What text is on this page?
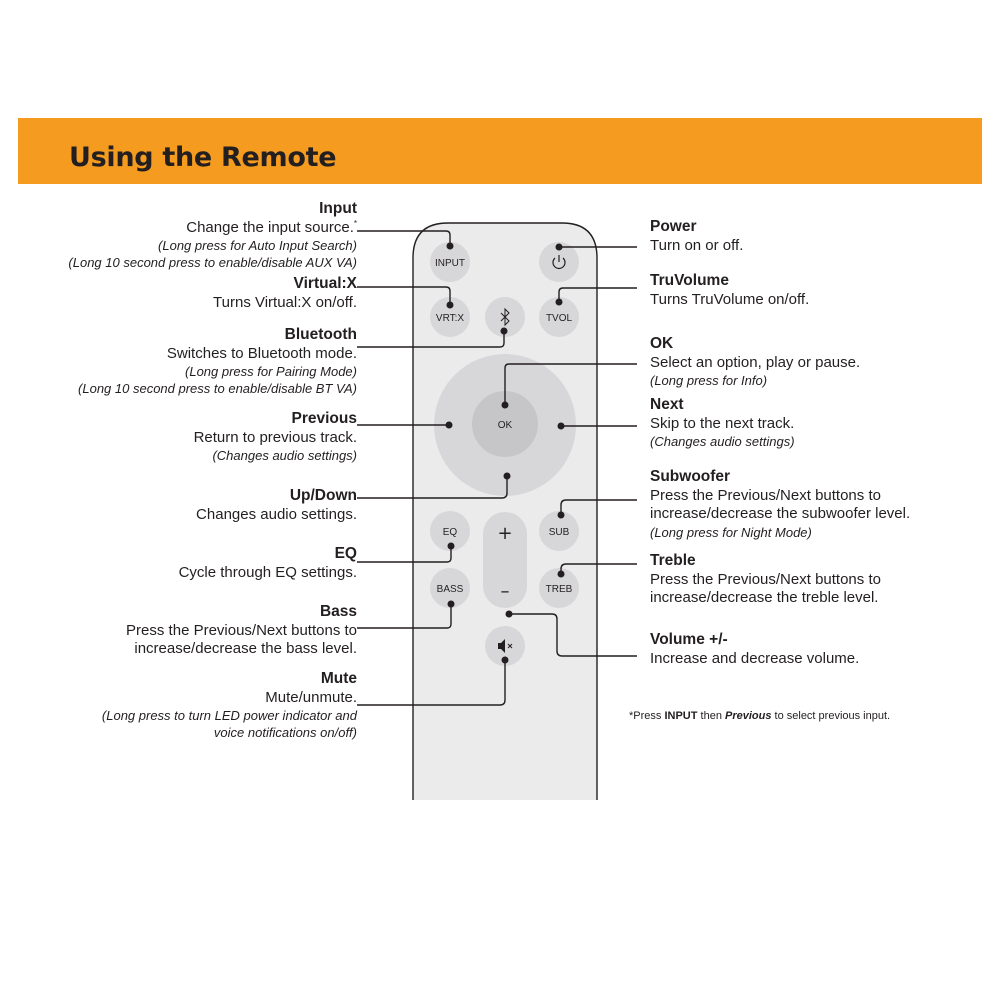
Using the Remote
INPUT
VRT:X	TVOL
OK
EQ	SUB
BASS	TREB
+
–
Input
Change the input source.*
(Long press for Auto Input Search)
(Long 10 second press to enable/disable AUX VA)
Virtual:X
Turns Virtual:X on/off.
Bluetooth
Switches to Bluetooth mode.
(Long press for Pairing Mode)
(Long 10 second press to enable/disable BT VA)
Previous
Return to previous track.
(Changes audio settings)
Up/Down
Changes audio settings.
EQ
Cycle through EQ settings.
Bass
Press the Previous/Next buttons to
increase/decrease the bass level.
Mute
Mute/unmute.
(Long press to turn LED power indicator and
voice notifications on/off)
Power
Turn on or off.
TruVolume
Turns TruVolume on/off.
OK
Select an option, play or pause.
(Long press for Info)
Next
Skip to the next track.
(Changes audio settings)
Subwoofer
Press the Previous/Next buttons to
increase/decrease the subwoofer level.
(Long press for Night Mode)
Treble
Press the Previous/Next buttons to
increase/decrease the treble level.
Volume +/-
Increase and decrease volume.
*Press INPUT then Previous to select previous input.
